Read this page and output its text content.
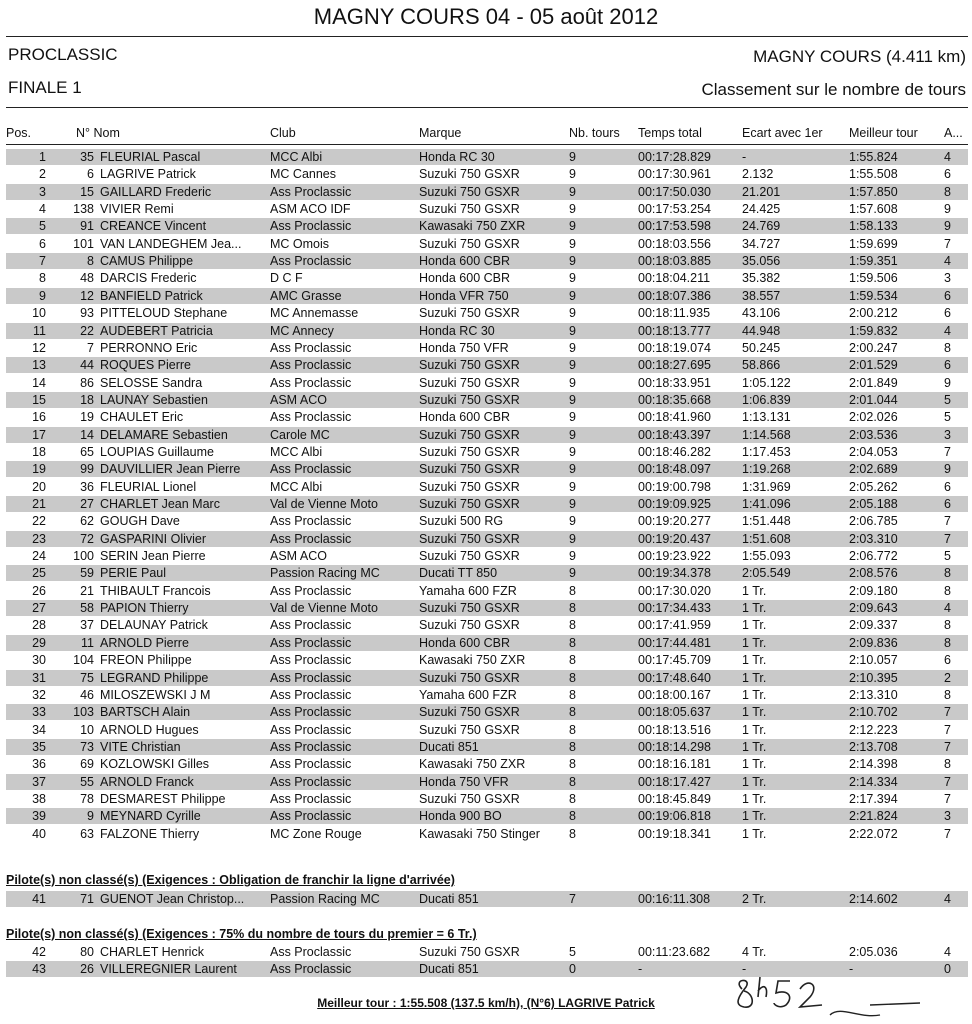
MAGNY COURS 04 - 05 août 2012
PROCLASSIC	MAGNY COURS (4.411 km)
FINALE 1	Classement sur le nombre de tours
Pos.	N° Nom	Club	Marque	Nb. tours	Temps total	Ecart avec 1er	Meilleur tour	A...
1	35 FLEURIAL Pascal	MCC Albi	Honda RC 30	9	00:17:28.829	-	1:55.824	4
2	6 LAGRIVE Patrick	MC Cannes	Suzuki 750 GSXR	9	00:17:30.961	2.132	1:55.508	6
3	15 GAILLARD Frederic	Ass Proclassic	Suzuki 750 GSXR	9	00:17:50.030	21.201	1:57.850	8
4	138 VIVIER Remi	ASM ACO IDF	Suzuki 750 GSXR	9	00:17:53.254	24.425	1:57.608	9
5	91 CREANCE Vincent	Ass Proclassic	Kawasaki 750 ZXR	9	00:17:53.598	24.769	1:58.133	9
6	101 VAN LANDEGHEM Jea...	MC Omois	Suzuki 750 GSXR	9	00:18:03.556	34.727	1:59.699	7
7	8 CAMUS Philippe	Ass Proclassic	Honda 600 CBR	9	00:18:03.885	35.056	1:59.351	4
8	48 DARCIS Frederic	D C F	Honda 600 CBR	9	00:18:04.211	35.382	1:59.506	3
9	12 BANFIELD Patrick	AMC Grasse	Honda VFR 750	9	00:18:07.386	38.557	1:59.534	6
10	93 PITTELOUD Stephane	MC Annemasse	Suzuki 750 GSXR	9	00:18:11.935	43.106	2:00.212	6
11	22 AUDEBERT Patricia	MC Annecy	Honda RC 30	9	00:18:13.777	44.948	1:59.832	4
12	7 PERRONNO Eric	Ass Proclassic	Honda 750 VFR	9	00:18:19.074	50.245	2:00.247	8
13	44 ROQUES Pierre	Ass Proclassic	Suzuki 750 GSXR	9	00:18:27.695	58.866	2:01.529	6
14	86 SELOSSE Sandra	Ass Proclassic	Suzuki 750 GSXR	9	00:18:33.951	1:05.122	2:01.849	9
15	18 LAUNAY Sebastien	ASM ACO	Suzuki 750 GSXR	9	00:18:35.668	1:06.839	2:01.044	5
16	19 CHAULET Eric	Ass Proclassic	Honda 600 CBR	9	00:18:41.960	1:13.131	2:02.026	5
17	14 DELAMARE Sebastien	Carole MC	Suzuki 750 GSXR	9	00:18:43.397	1:14.568	2:03.536	3
18	65 LOUPIAS Guillaume	MCC Albi	Suzuki 750 GSXR	9	00:18:46.282	1:17.453	2:04.053	7
19	99 DAUVILLIER Jean Pierre	Ass Proclassic	Suzuki 750 GSXR	9	00:18:48.097	1:19.268	2:02.689	9
20	36 FLEURIAL Lionel	MCC Albi	Suzuki 750 GSXR	9	00:19:00.798	1:31.969	2:05.262	6
21	27 CHARLET Jean Marc	Val de Vienne Moto	Suzuki 750 GSXR	9	00:19:09.925	1:41.096	2:05.188	6
22	62 GOUGH Dave	Ass Proclassic	Suzuki 500 RG	9	00:19:20.277	1:51.448	2:06.785	7
23	72 GASPARINI Olivier	Ass Proclassic	Suzuki 750 GSXR	9	00:19:20.437	1:51.608	2:03.310	7
24	100 SERIN Jean Pierre	ASM ACO	Suzuki 750 GSXR	9	00:19:23.922	1:55.093	2:06.772	5
25	59 PERIE Paul	Passion Racing MC	Ducati TT 850	9	00:19:34.378	2:05.549	2:08.576	8
26	21 THIBAULT Francois	Ass Proclassic	Yamaha 600 FZR	8	00:17:30.020	1 Tr.	2:09.180	8
27	58 PAPION Thierry	Val de Vienne Moto	Suzuki 750 GSXR	8	00:17:34.433	1 Tr.	2:09.643	4
28	37 DELAUNAY Patrick	Ass Proclassic	Suzuki 750 GSXR	8	00:17:41.959	1 Tr.	2:09.337	8
29	11 ARNOLD Pierre	Ass Proclassic	Honda 600 CBR	8	00:17:44.481	1 Tr.	2:09.836	8
30	104 FREON Philippe	Ass Proclassic	Kawasaki 750 ZXR	8	00:17:45.709	1 Tr.	2:10.057	6
31	75 LEGRAND Philippe	Ass Proclassic	Suzuki 750 GSXR	8	00:17:48.640	1 Tr.	2:10.395	2
32	46 MILOSZEWSKI J M	Ass Proclassic	Yamaha 600 FZR	8	00:18:00.167	1 Tr.	2:13.310	8
33	103 BARTSCH Alain	Ass Proclassic	Suzuki 750 GSXR	8	00:18:05.637	1 Tr.	2:10.702	7
34	10 ARNOLD Hugues	Ass Proclassic	Suzuki 750 GSXR	8	00:18:13.516	1 Tr.	2:12.223	7
35	73 VITE Christian	Ass Proclassic	Ducati 851	8	00:18:14.298	1 Tr.	2:13.708	7
36	69 KOZLOWSKI Gilles	Ass Proclassic	Kawasaki 750 ZXR	8	00:18:16.181	1 Tr.	2:14.398	8
37	55 ARNOLD Franck	Ass Proclassic	Honda 750 VFR	8	00:18:17.427	1 Tr.	2:14.334	7
38	78 DESMAREST Philippe	Ass Proclassic	Suzuki 750 GSXR	8	00:18:45.849	1 Tr.	2:17.394	7
39	9 MEYNARD Cyrille	Ass Proclassic	Honda 900 BO	8	00:19:06.818	1 Tr.	2:21.824	3
40	63 FALZONE Thierry	MC Zone Rouge	Kawasaki 750 Stinger	8	00:19:18.341	1 Tr.	2:22.072	7
Pilote(s) non classé(s) (Exigences : Obligation de franchir la ligne d'arrivée)
41	71 GUENOT Jean Christop...	Passion Racing MC	Ducati 851	7	00:16:11.308	2 Tr.	2:14.602	4
Pilote(s) non classé(s) (Exigences : 75% du nombre de tours du premier = 6 Tr.)
42	80 CHARLET Henrick	Ass Proclassic	Suzuki 750 GSXR	5	00:11:23.682	4 Tr.	2:05.036	4
43	26 VILLEREGNIER Laurent	Ass Proclassic	Ducati 851	0	-	-	-	0
Meilleur tour : 1:55.508 (137.5 km/h), (N°6) LAGRIVE Patrick
